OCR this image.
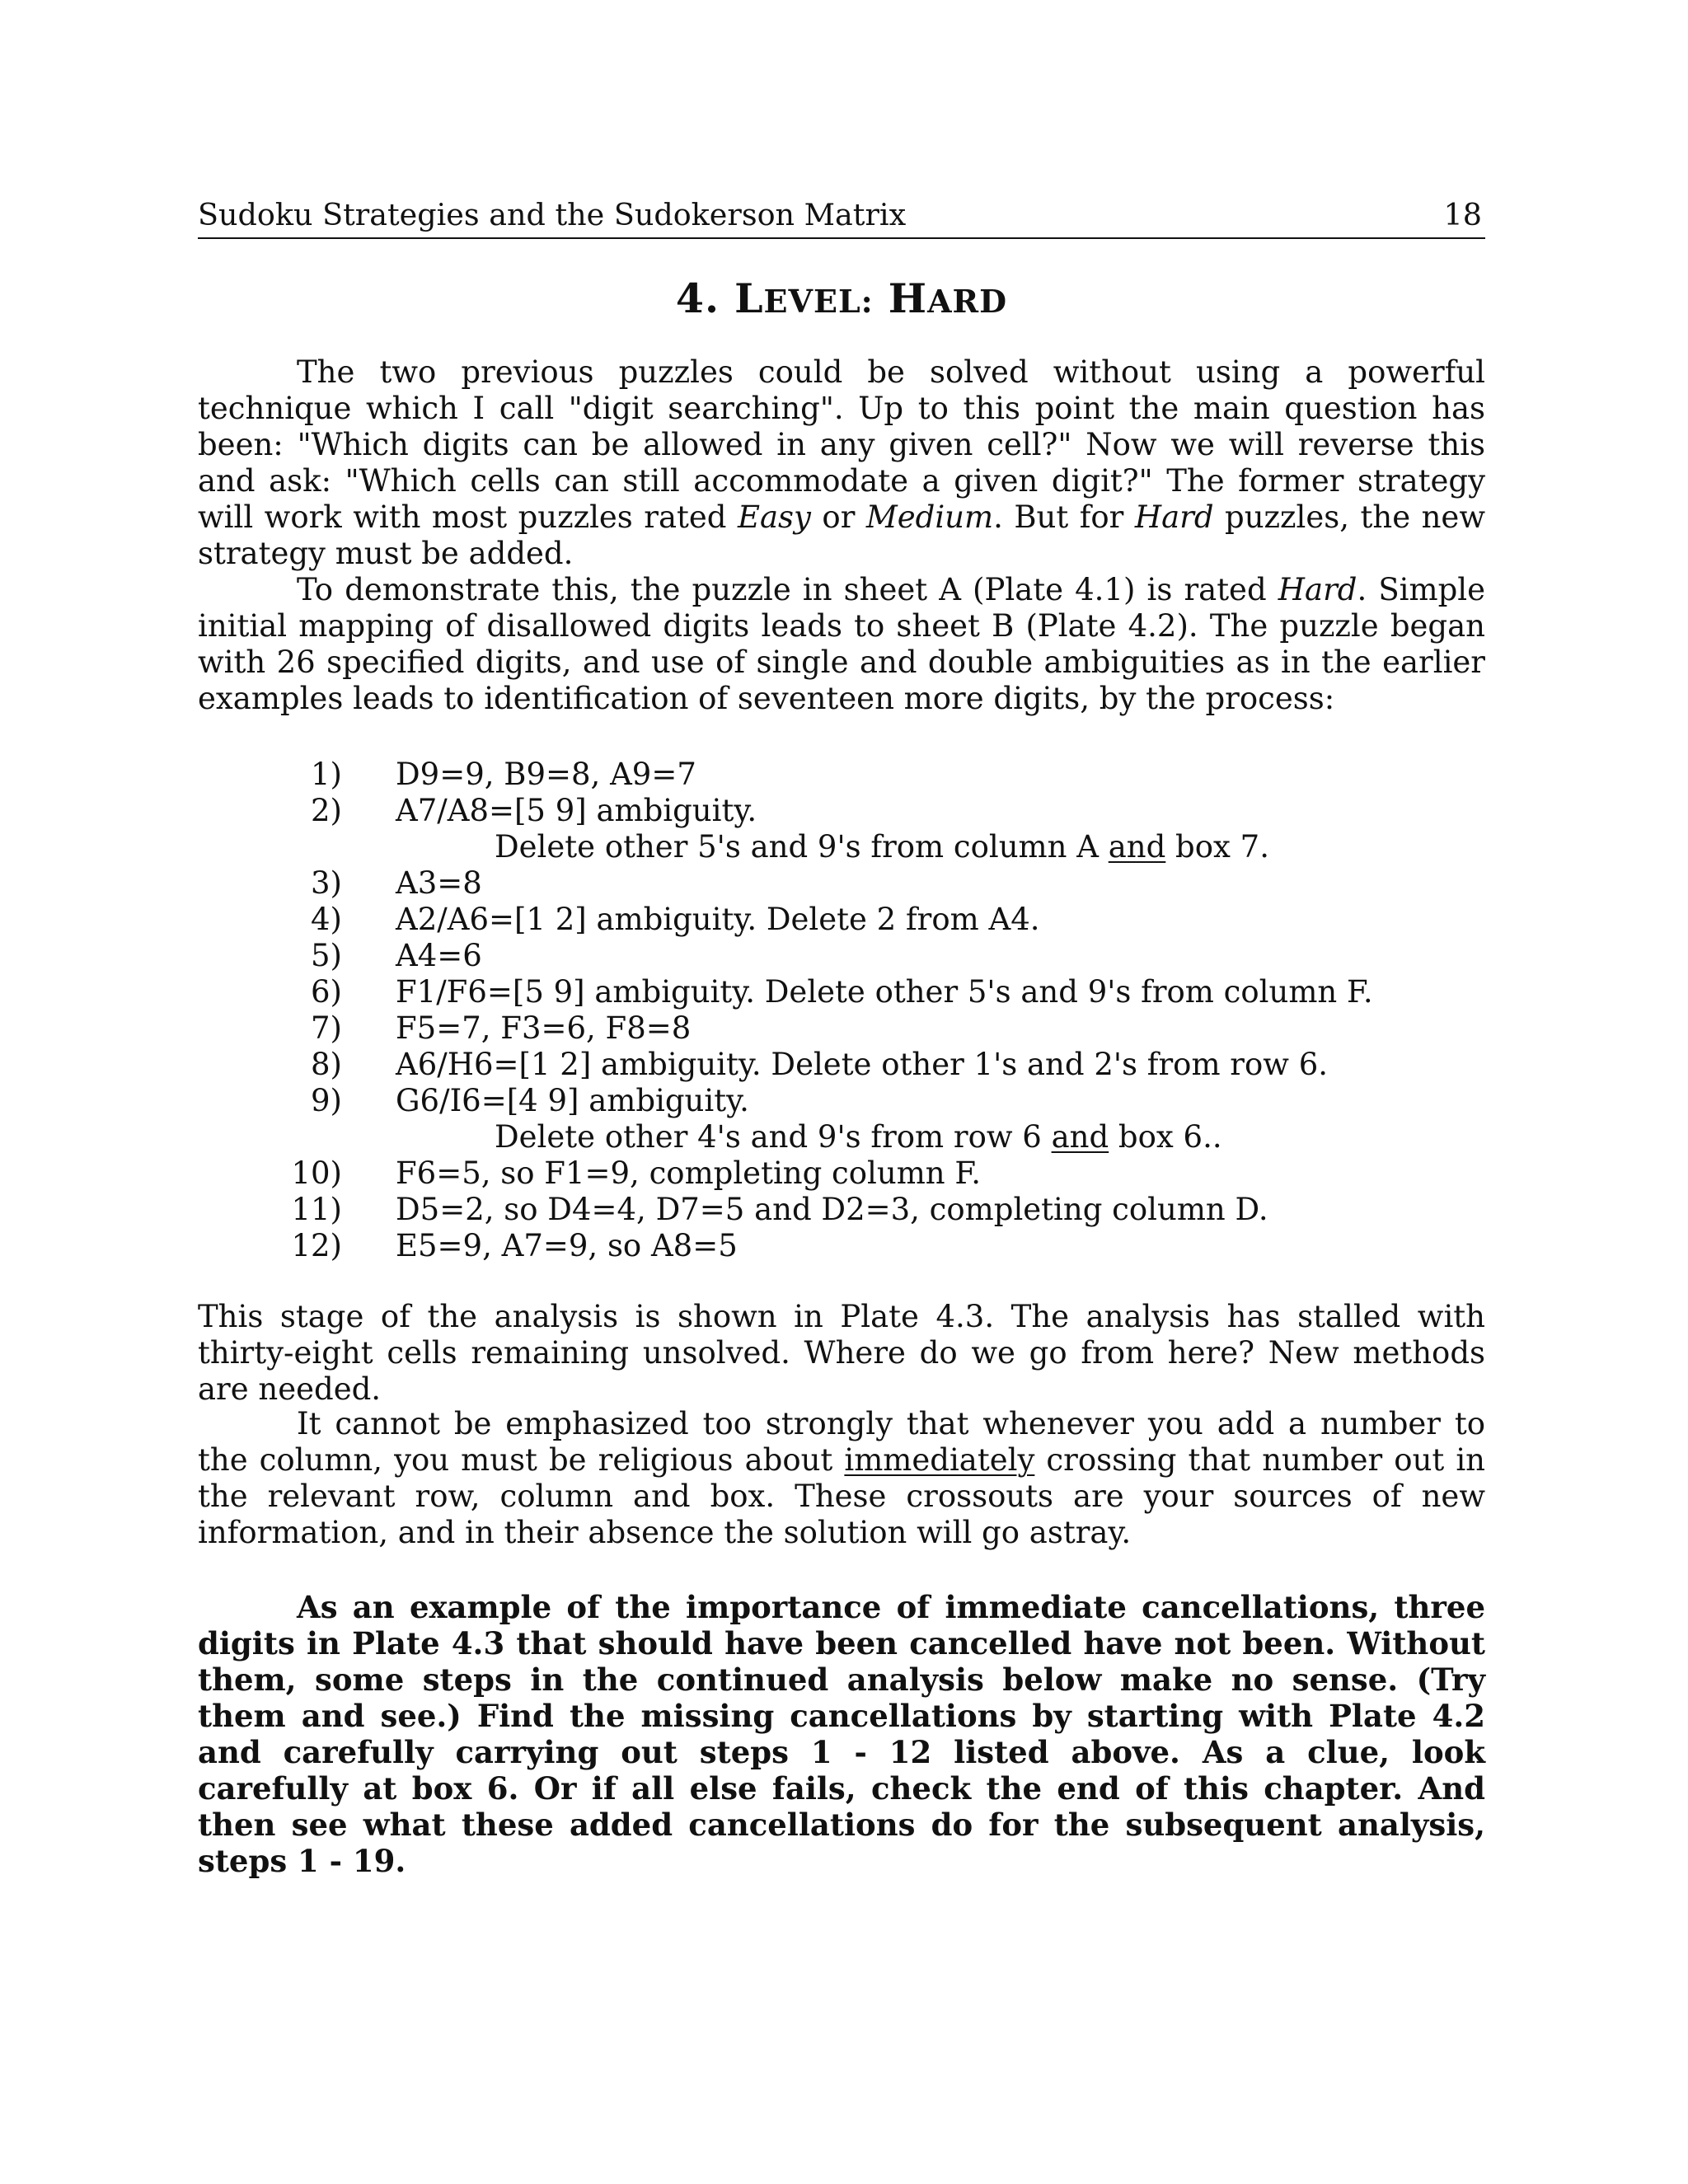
Sudoku Strategies and the Sudokerson Matrix	18
4. LEVEL: HARD

The two previous puzzles could be solved without using a powerful technique which I call "digit searching". Up to this point the main question has been: "Which digits can be allowed in any given cell?" Now we will reverse this and ask: "Which cells can still accommodate a given digit?" The former strategy will work with most puzzles rated Easy or Medium. But for Hard puzzles, the new strategy must be added.

To demonstrate this, the puzzle in sheet A (Plate 4.1) is rated Hard. Simple initial mapping of disallowed digits leads to sheet B (Plate 4.2). The puzzle began with 26 specified digits, and use of single and double ambiguities as in the earlier examples leads to identification of seventeen more digits, by the process:

1) D9=9, B9=8, A9=7
2) A7/A8=[5 9] ambiguity.
Delete other 5's and 9's from column A and box 7.
3) A3=8
4) A2/A6=[1 2] ambiguity. Delete 2 from A4.
5) A4=6
6) F1/F6=[5 9] ambiguity. Delete other 5's and 9's from column F.
7) F5=7, F3=6, F8=8
8) A6/H6=[1 2] ambiguity. Delete other 1's and 2's from row 6.
9) G6/I6=[4 9] ambiguity.
Delete other 4's and 9's from row 6 and box 6..
10) F6=5, so F1=9, completing column F.
11) D5=2, so D4=4, D7=5 and D2=3, completing column D.
12) E5=9, A7=9, so A8=5

This stage of the analysis is shown in Plate 4.3. The analysis has stalled with thirty-eight cells remaining unsolved. Where do we go from here? New methods are needed.

It cannot be emphasized too strongly that whenever you add a number to the column, you must be religious about immediately crossing that number out in the relevant row, column and box. These crossouts are your sources of new information, and in their absence the solution will go astray.

As an example of the importance of immediate cancellations, three digits in Plate 4.3 that should have been cancelled have not been. Without them, some steps in the continued analysis below make no sense. (Try them and see.) Find the missing cancellations by starting with Plate 4.2 and carefully carrying out steps 1 - 12 listed above. As a clue, look carefully at box 6. Or if all else fails, check the end of this chapter. And then see what these added cancellations do for the subsequent analysis, steps 1 - 19.
